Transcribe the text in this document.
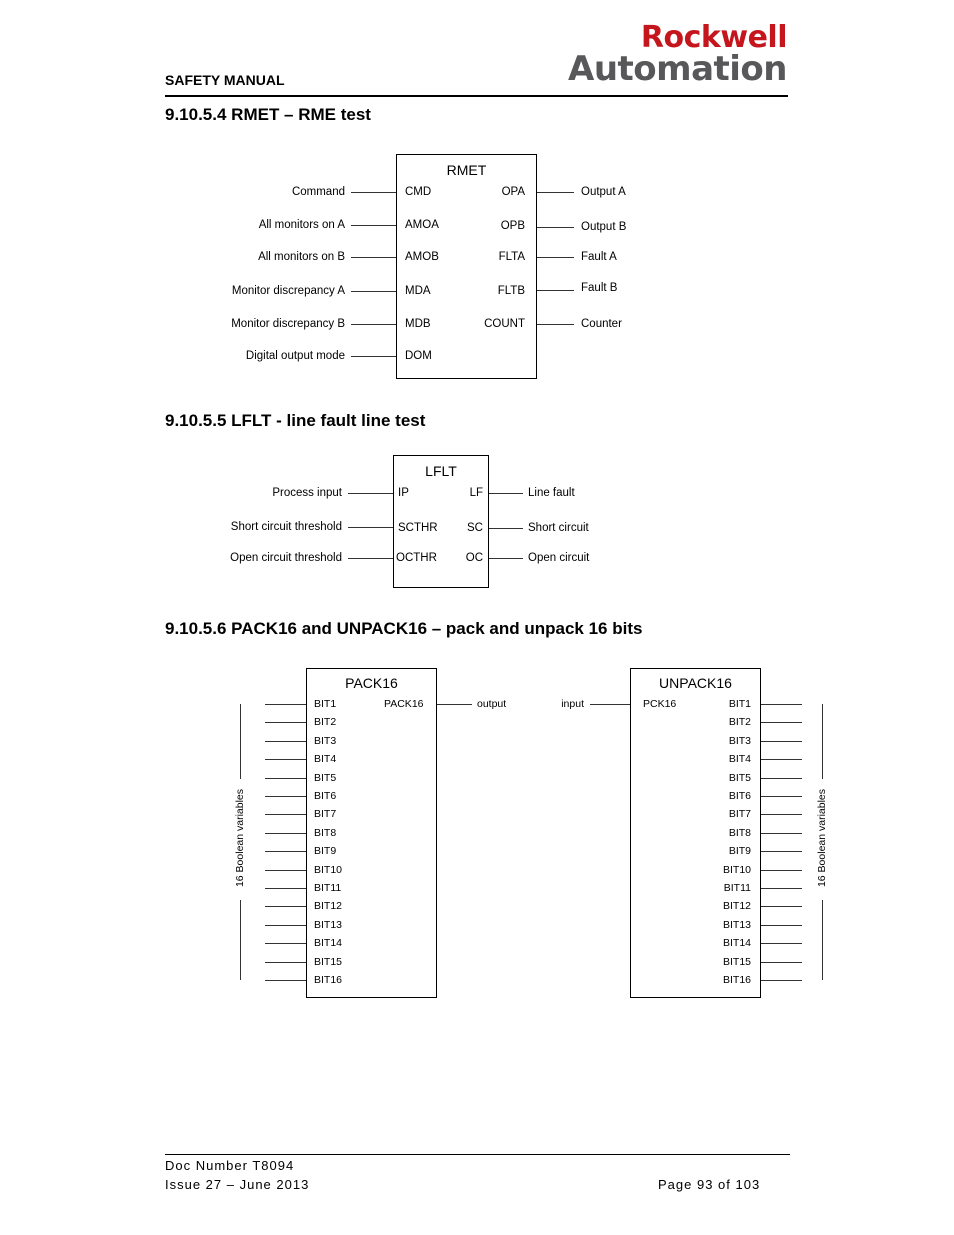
SAFETY MANUAL
Rockwell
Automation
9.10.5.4 RMET – RME test
RMET
Command	CMD
All monitors on A	AMOA
All monitors on B	AMOB
Monitor discrepancy A	MDA
Monitor discrepancy B	MDB
Digital output mode	DOM
OPA	Output A
OPB	Output B
FLTA	Fault A
FLTB	Fault B
COUNT	Counter
9.10.5.5 LFLT - line fault line test
LFLT
Process input	IP
Short circuit threshold	SCTHR
Open circuit threshold	OCTHR
LF	Line fault
SC	Short circuit
OC	Open circuit
9.10.5.6 PACK16 and UNPACK16 – pack and unpack 16 bits
PACK16	UNPACK16
PACK16	output	input	PCK16
16 Boolean variables	16 Boolean variables
BIT1
BIT2
BIT3
BIT4
BIT5
BIT6
BIT7
BIT8
BIT9
BIT10
BIT11
BIT12
BIT13
BIT14
BIT15
BIT16
BIT1
BIT2
BIT3
BIT4
BIT5
BIT6
BIT7
BIT8
BIT9
BIT10
BIT11
BIT12
BIT13
BIT14
BIT15
BIT16
Doc Number T8094
Issue 27 – June 2013	Page 93 of 103
